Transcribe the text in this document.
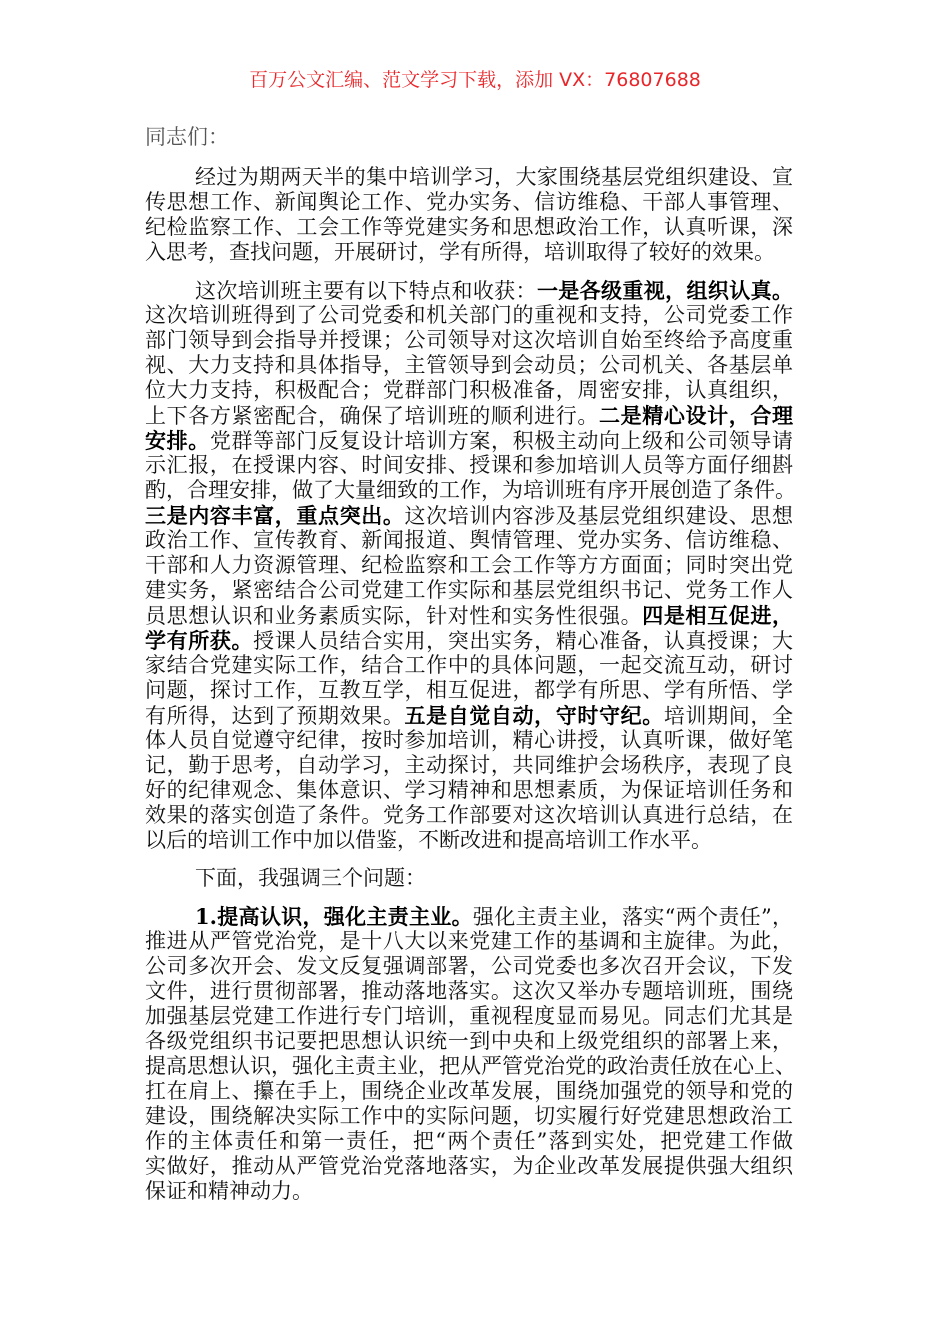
百万公文汇编、范文学习下载，添加 VX：76807688
同志们：
经过为期两天半的集中培训学习，大家围绕基层党组织建设、宣
传思想工作、新闻舆论工作、党办实务、信访维稳、干部人事管理、
纪检监察工作、工会工作等党建实务和思想政治工作，认真听课，深
入思考，查找问题，开展研讨，学有所得，培训取得了较好的效果。
这次培训班主要有以下特点和收获：一是各级重视，组织认真。
这次培训班得到了公司党委和机关部门的重视和支持，公司党委工作
部门领导到会指导并授课；公司领导对这次培训自始至终给予高度重
视、大力支持和具体指导，主管领导到会动员；公司机关、各基层单
位大力支持，积极配合；党群部门积极准备，周密安排，认真组织，
上下各方紧密配合，确保了培训班的顺利进行。二是精心设计，合理
安排。党群等部门反复设计培训方案，积极主动向上级和公司领导请
示汇报，在授课内容、时间安排、授课和参加培训人员等方面仔细斟
酌，合理安排，做了大量细致的工作，为培训班有序开展创造了条件。
三是内容丰富，重点突出。这次培训内容涉及基层党组织建设、思想
政治工作、宣传教育、新闻报道、舆情管理、党办实务、信访维稳、
干部和人力资源管理、纪检监察和工会工作等方方面面；同时突出党
建实务，紧密结合公司党建工作实际和基层党组织书记、党务工作人
员思想认识和业务素质实际，针对性和实务性很强。四是相互促进，
学有所获。授课人员结合实用，突出实务，精心准备，认真授课；大
家结合党建实际工作，结合工作中的具体问题，一起交流互动，研讨
问题，探讨工作，互教互学，相互促进，都学有所思、学有所悟、学
有所得，达到了预期效果。五是自觉自动，守时守纪。培训期间，全
体人员自觉遵守纪律，按时参加培训，精心讲授，认真听课，做好笔
记，勤于思考，自动学习，主动探讨，共同维护会场秩序，表现了良
好的纪律观念、集体意识、学习精神和思想素质，为保证培训任务和
效果的落实创造了条件。党务工作部要对这次培训认真进行总结，在
以后的培训工作中加以借鉴，不断改进和提高培训工作水平。
下面，我强调三个问题：
1.提高认识，强化主责主业。强化主责主业，落实“两个责任”，
推进从严管党治党，是十八大以来党建工作的基调和主旋律。为此，
公司多次开会、发文反复强调部署，公司党委也多次召开会议，下发
文件，进行贯彻部署，推动落地落实。这次又举办专题培训班，围绕
加强基层党建工作进行专门培训，重视程度显而易见。同志们尤其是
各级党组织书记要把思想认识统一到中央和上级党组织的部署上来，
提高思想认识，强化主责主业，把从严管党治党的政治责任放在心上、
扛在肩上、攥在手上，围绕企业改革发展，围绕加强党的领导和党的
建设，围绕解决实际工作中的实际问题，切实履行好党建思想政治工
作的主体责任和第一责任，把“两个责任”落到实处，把党建工作做
实做好，推动从严管党治党落地落实，为企业改革发展提供强大组织
保证和精神动力。
